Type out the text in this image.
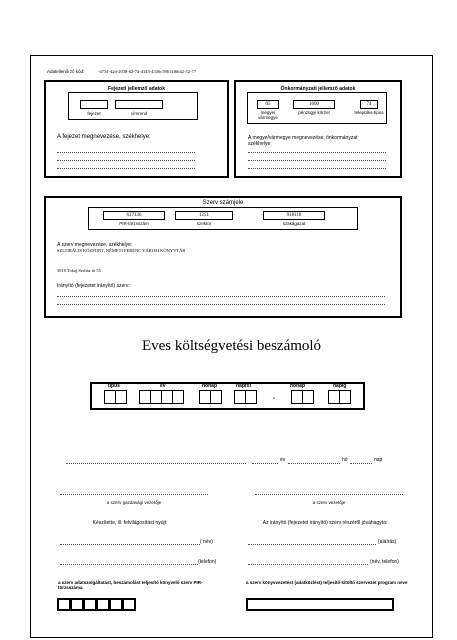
Adatellenőrző kód:	-4734-42d-2038-62-74-4143-4336c58614f6b42-52-77
Fejezeti jellemző adatok
fejezet	címrend
A fejezet megnevezése, székhelye:
Önkormányzati jellemző adatok
05	1600	74
megye/ vármegye
pénzügyi körzet	település-típus
A megye/vármegye megnevezése, önkormányzat
székhelye:
Szerv számjele
637136	1251	918118
PIR-törzsszám	szektor	szakágazat
A szerv megnevezése, székhelye:
SZLTIRÁLIS KÖZPONT, NÉMETI FERENC VÁROSI KÖNYVTÁR
3910 Tokaj Serház út 55
Irányító (fejezetet irányító) szerv:
Eves költségvetési beszámoló
típus	év	hónap	naptól	hónap	napig
-
év	hó	nap
a szerv gazdasági vezetője	a szerv vezetője
Készítette, ill. felvilágosítást nyújt:	Az irányító (fejezetet irányító) szerv részéről jóváhagyta:
( név)	(aláírás)
(telefon)	(név, telefon)
a szerv adatszolgáltatást, beszámolást teljesítő könyvelő szerv PIR-törzsszáma
a szerv könyvvezetést (adatközlést) teljesítő kitöltő szervezet program neve
